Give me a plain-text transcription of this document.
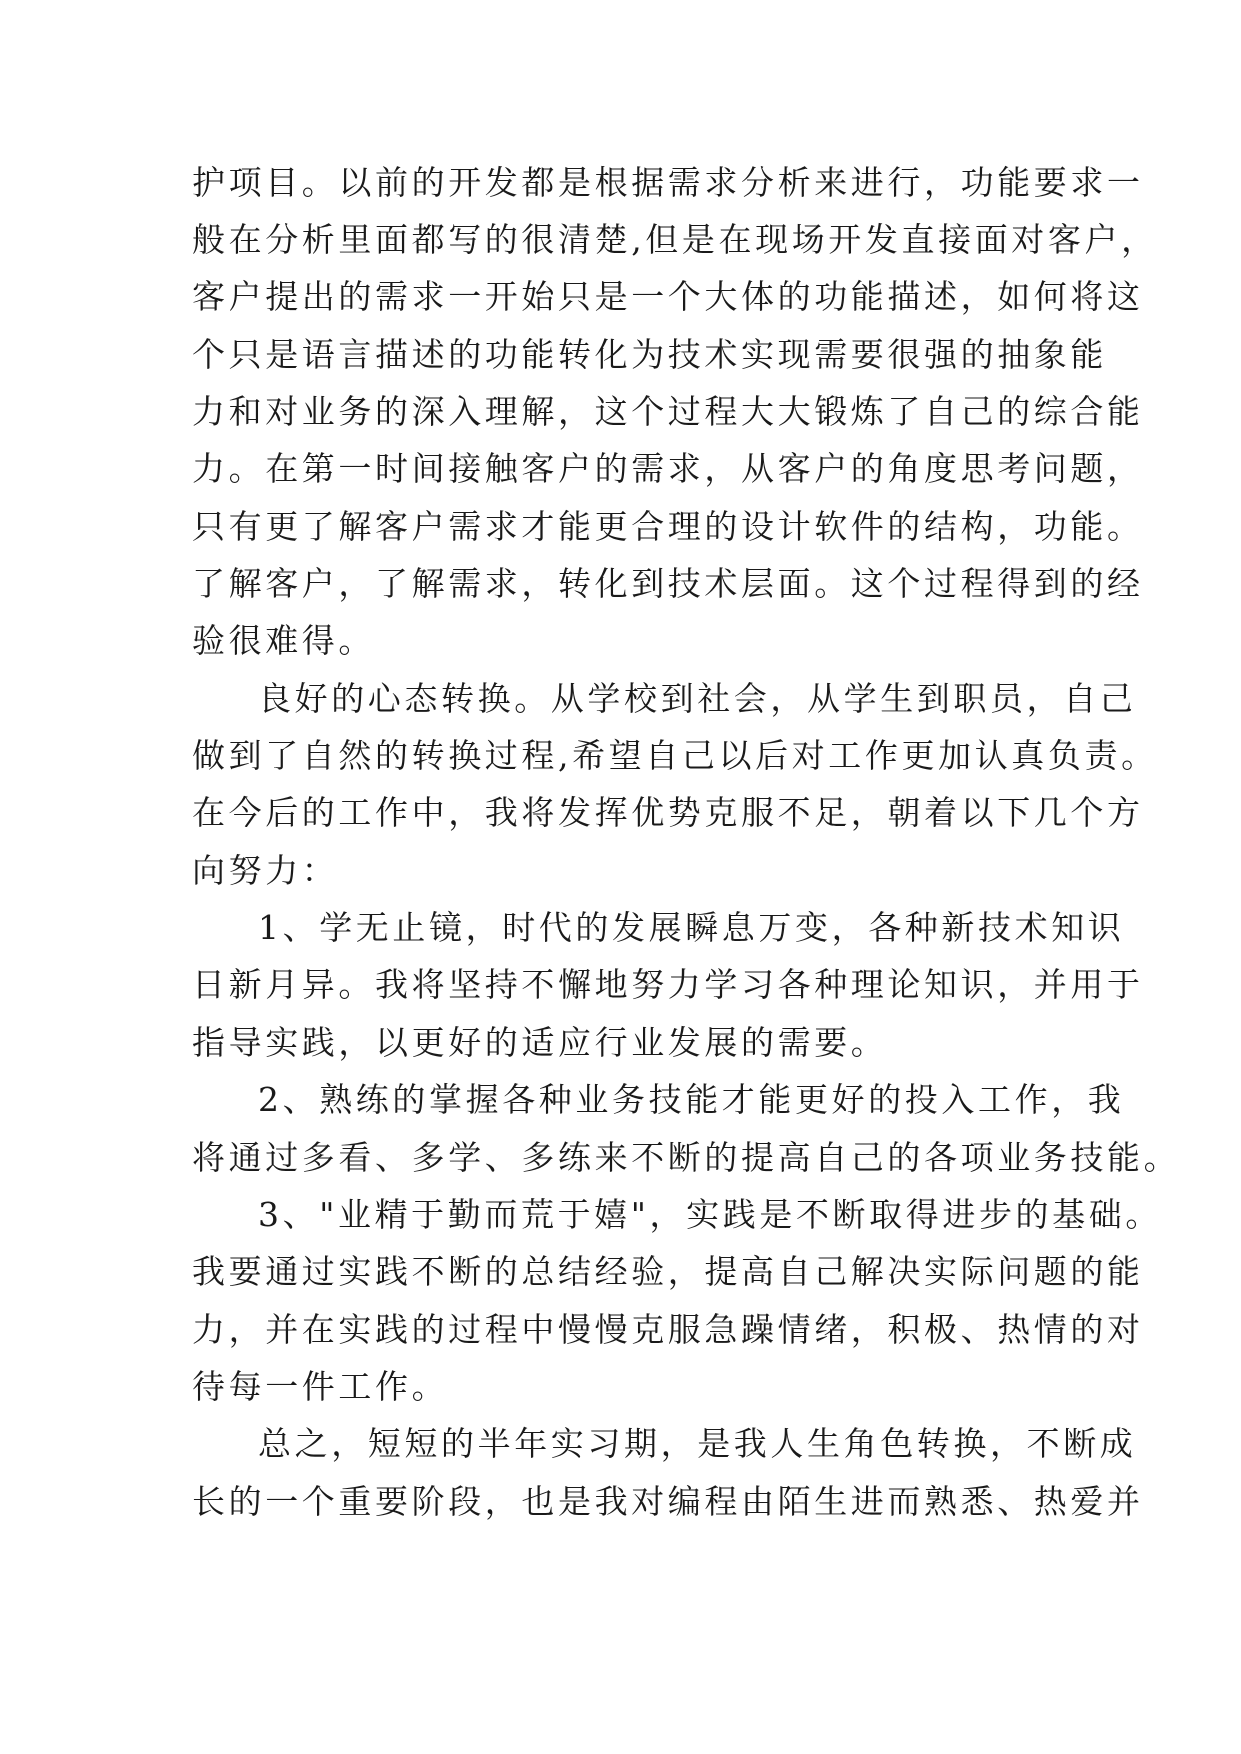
护项目。以前的开发都是根据需求分析来进行，功能要求一
般在分析里面都写的很清楚,但是在现场开发直接面对客户，
客户提出的需求一开始只是一个大体的功能描述，如何将这
个只是语言描述的功能转化为技术实现需要很强的抽象能
力和对业务的深入理解，这个过程大大锻炼了自己的综合能
力。在第一时间接触客户的需求，从客户的角度思考问题，
只有更了解客户需求才能更合理的设计软件的结构，功能。
了解客户，了解需求，转化到技术层面。这个过程得到的经
验很难得。
良好的心态转换。从学校到社会，从学生到职员，自己
做到了自然的转换过程,希望自己以后对工作更加认真负责。
在今后的工作中，我将发挥优势克服不足，朝着以下几个方
向努力：
1、学无止镜，时代的发展瞬息万变，各种新技术知识
日新月异。我将坚持不懈地努力学习各种理论知识，并用于
指导实践，以更好的适应行业发展的需要。
2、熟练的掌握各种业务技能才能更好的投入工作，我
将通过多看、多学、多练来不断的提高自己的各项业务技能。
3、"业精于勤而荒于嬉"，实践是不断取得进步的基础。
我要通过实践不断的总结经验，提高自己解决实际问题的能
力，并在实践的过程中慢慢克服急躁情绪，积极、热情的对
待每一件工作。
总之，短短的半年实习期，是我人生角色转换，不断成
长的一个重要阶段，也是我对编程由陌生进而熟悉、热爱并
